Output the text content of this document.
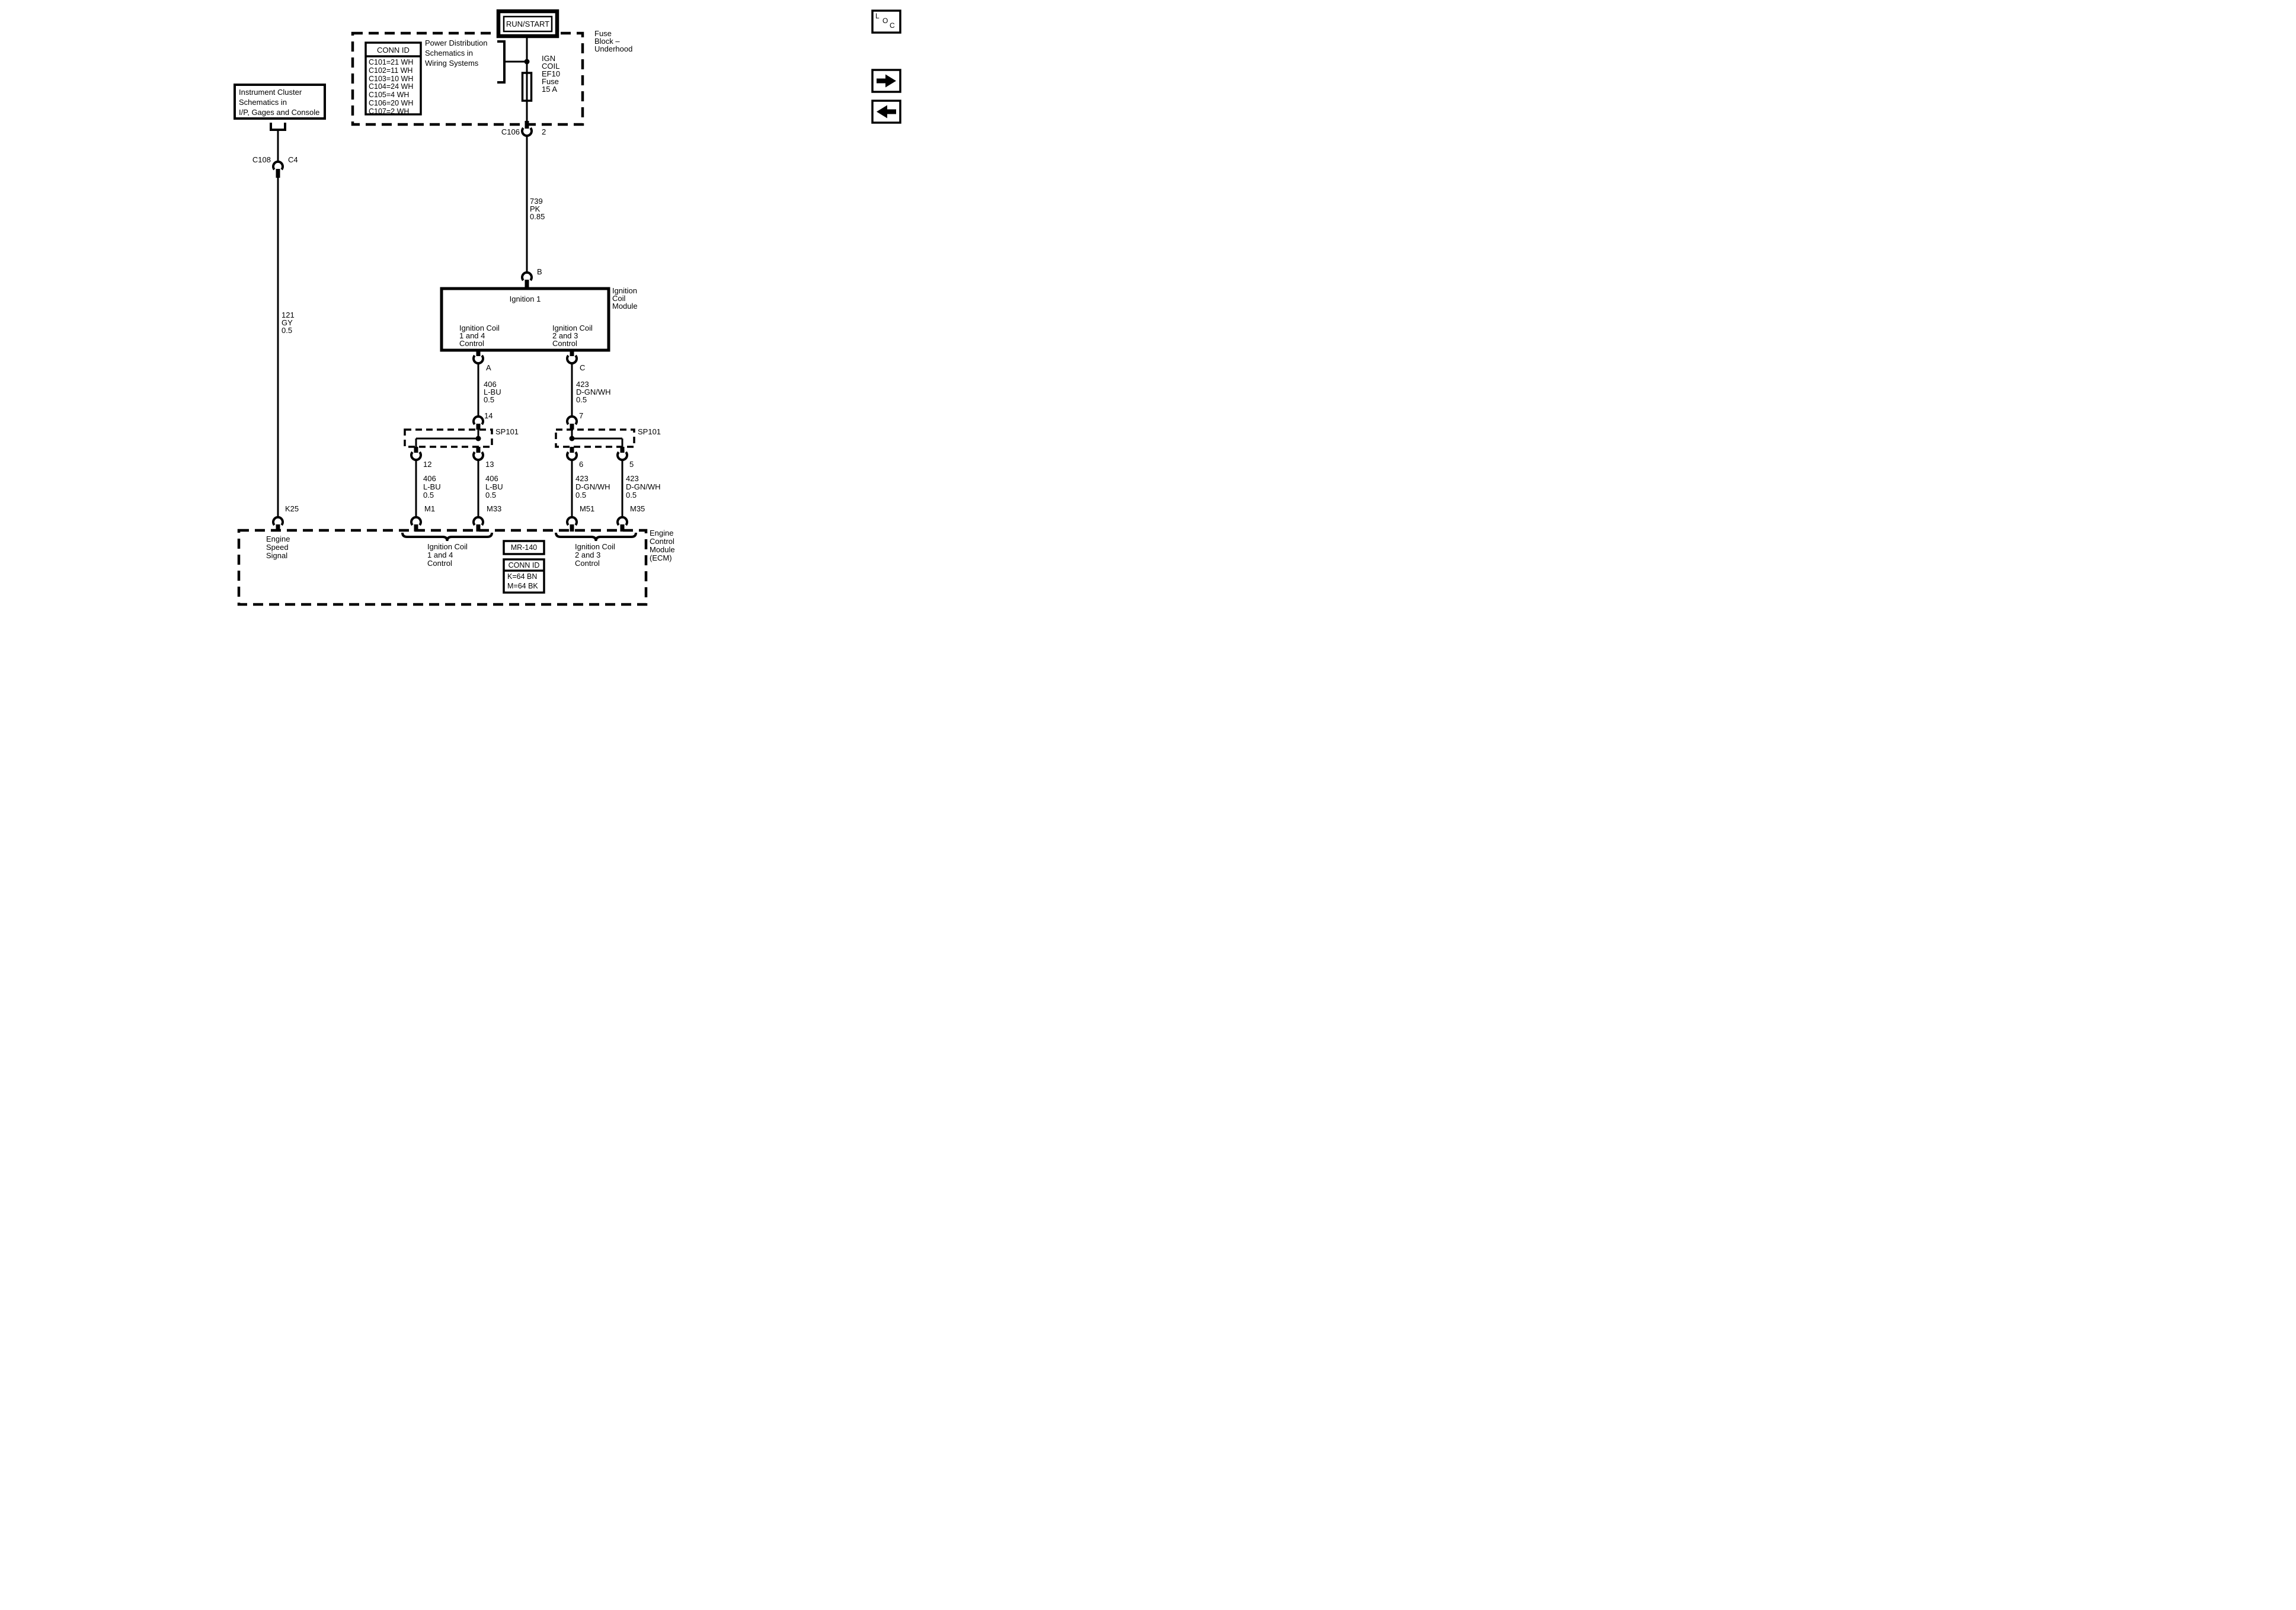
L
O
C
RUN/START
Power Distribution
Schematics in
Wiring Systems
Fuse
Block –
Underhood
CONN ID
C101=21 WH
C102=11 WH
C103=10 WH
C104=24 WH
C105=4 WH
C106=20 WH
C107=2 WH
IGN
COIL
EF10
Fuse
15 A
C106	2
739
PK
0.85
Instrument Cluster
Schematics in
I/P, Gages and Console
C108 C4
121
GY
0.5
B
Ignition 1
Ignition Coil
1 and 4
Control
Ignition Coil
2 and 3
Control
Ignition
Coil
Module
A	C
406
L-BU
0.5
423
D-GN/WH
0.5
14	7
SP101	SP101
12	13	6	5
406
L-BU
0.5
406
L-BU
0.5
423
D-GN/WH
0.5
423
D-GN/WH
0.5
K25	M1	M33	M51	M35
Engine
Speed
Signal
Ignition Coil
1 and 4
Control
Ignition Coil
2 and 3
Control
MR-140
CONN ID
K=64 BN
M=64 BK
Engine
Control
Module
(ECM)
